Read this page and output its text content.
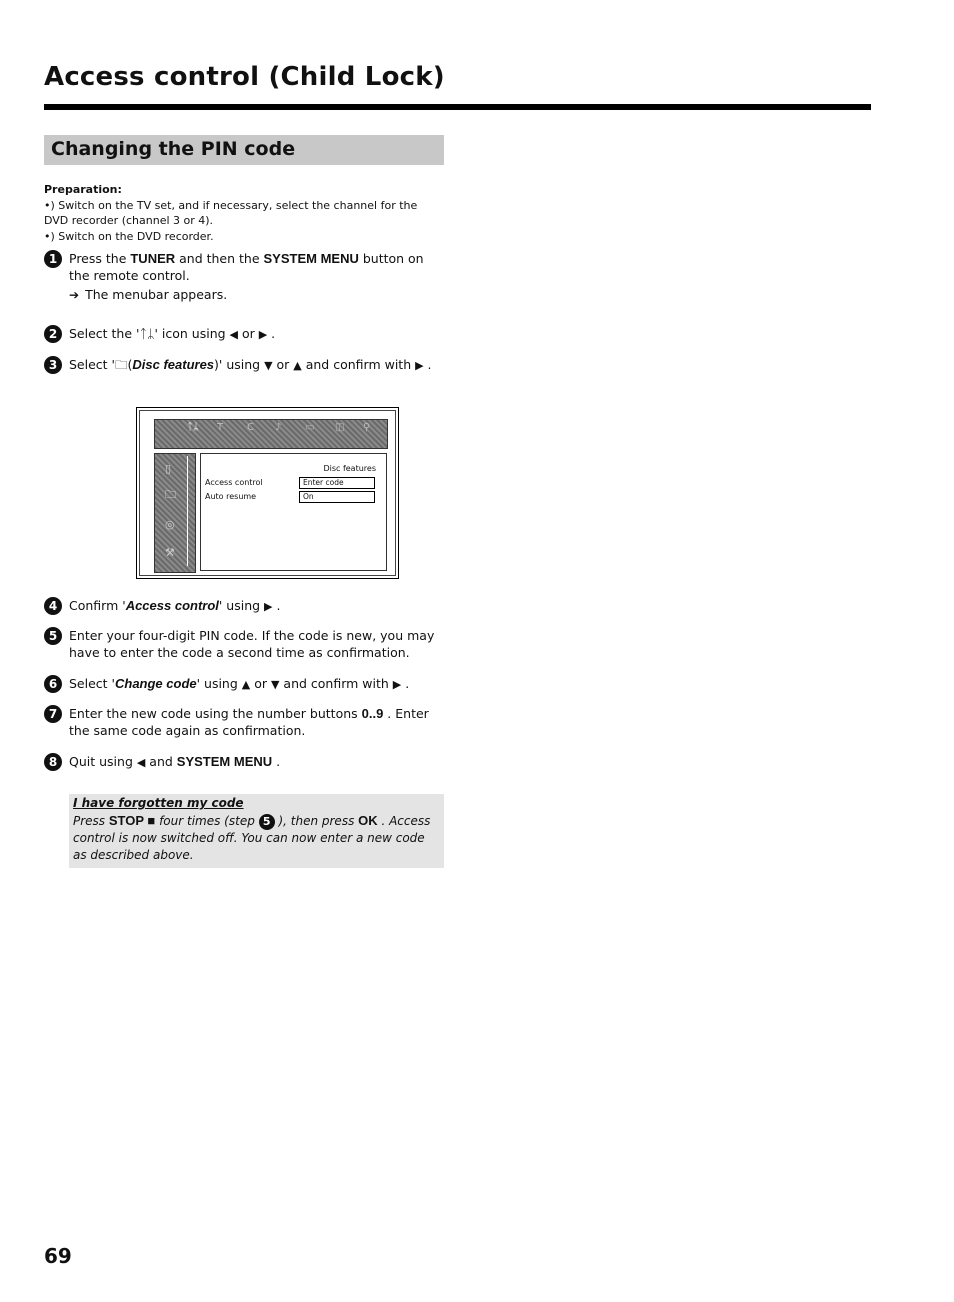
Access control (Child Lock)
Changing the PIN code
Preparation:
•) Switch on the TV set, and if necessary, select the channel for the DVD recorder (channel 3 or 4).
•) Switch on the DVD recorder.
1 Press the TUNER and then the SYSTEM MENU button on the remote control.
➔ The menubar appears.
2 Select the 'ᛏᛦ' icon using ◀ or ▶ .
3 Select '🗀(Disc features)' using ▼ or ▲ and confirm with ▶ .
ᛏᛦ T C ♪ ▭ ◫ ⚲
▯
🗀
◎
⚒
Disc features
Access control	Enter code
Auto resume	On
4 Confirm 'Access control' using ▶ .
5 Enter your four-digit PIN code. If the code is new, you may have to enter the code a second time as confirmation.
6 Select 'Change code' using ▲ or ▼ and confirm with ▶ .
7 Enter the new code using the number buttons 0..9 . Enter the same code again as confirmation.
8 Quit using ◀ and SYSTEM MENU .
I have forgotten my code
Press STOP ■ four times (step 5 ), then press OK . Access control is now switched off. You can now enter a new code as described above.
69
